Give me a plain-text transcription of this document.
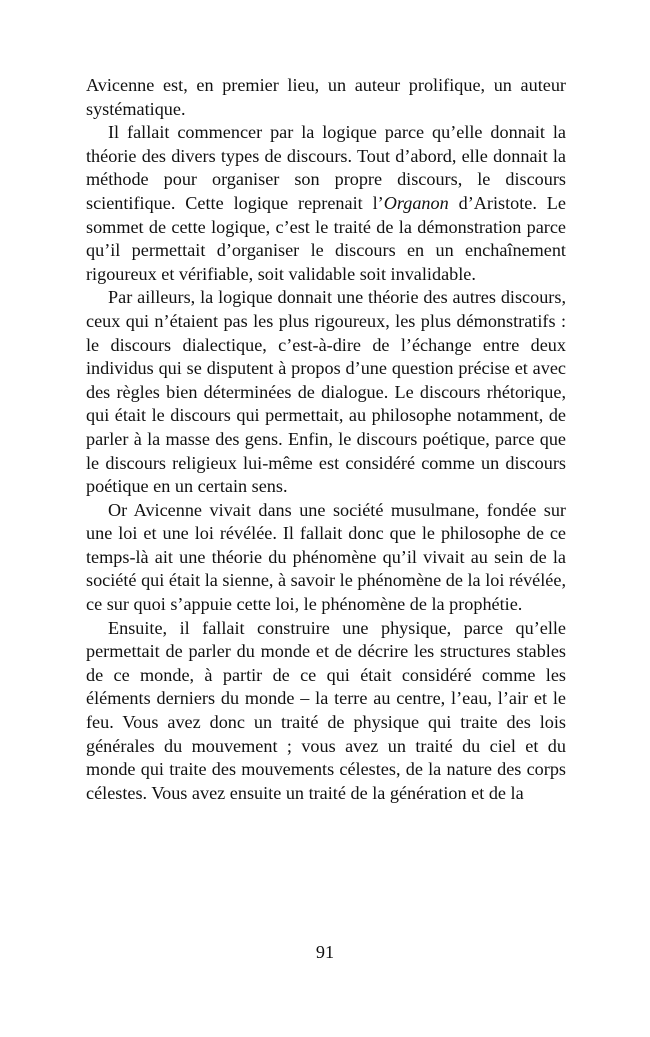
Avicenne est, en premier lieu, un auteur prolifique, un auteur systématique.

Il fallait commencer par la logique parce qu’elle donnait la théorie des divers types de discours. Tout d’abord, elle donnait la méthode pour organiser son propre discours, le discours scientifique. Cette logique reprenait l’Organon d’Aristote. Le sommet de cette logique, c’est le traité de la démonstration parce qu’il permettait d’organiser le discours en un enchaînement rigoureux et vérifiable, soit validable soit invalidable.

Par ailleurs, la logique donnait une théorie des autres discours, ceux qui n’étaient pas les plus rigoureux, les plus démonstratifs : le discours dialectique, c’est-à-dire de l’échange entre deux individus qui se disputent à propos d’une question précise et avec des règles bien déterminées de dialogue. Le discours rhétorique, qui était le discours qui permettait, au philosophe notamment, de parler à la masse des gens. Enfin, le discours poétique, parce que le discours religieux lui-même est considéré comme un discours poétique en un certain sens.

Or Avicenne vivait dans une société musulmane, fondée sur une loi et une loi révélée. Il fallait donc que le philosophe de ce temps-là ait une théorie du phénomène qu’il vivait au sein de la société qui était la sienne, à savoir le phénomène de la loi révélée, ce sur quoi s’appuie cette loi, le phénomène de la prophétie.

Ensuite, il fallait construire une physique, parce qu’elle permettait de parler du monde et de décrire les structures stables de ce monde, à partir de ce qui était considéré comme les éléments derniers du monde – la terre au centre, l’eau, l’air et le feu. Vous avez donc un traité de physique qui traite des lois générales du mouvement ; vous avez un traité du ciel et du monde qui traite des mouvements célestes, de la nature des corps célestes. Vous avez ensuite un traité de la génération et de la

91
